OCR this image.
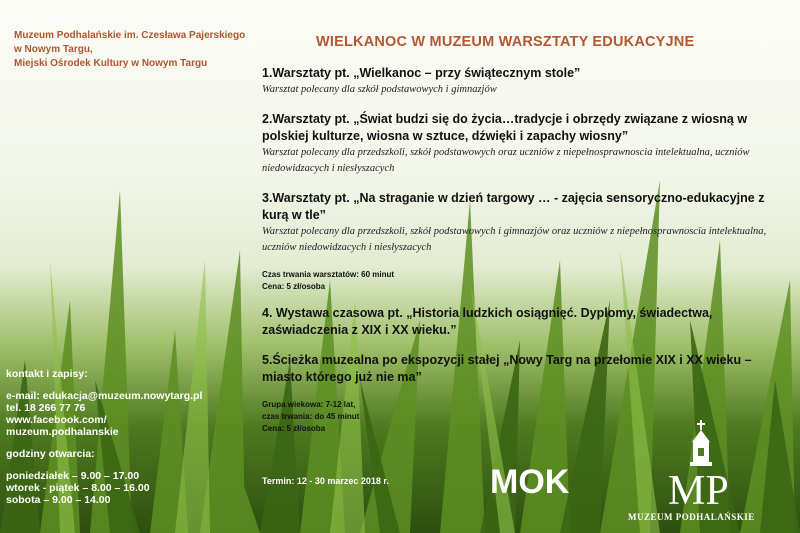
Muzeum Podhalańskie im. Czesława Pajerskiego
w Nowym Targu,
Miejski Ośrodek Kultury w Nowym Targu
WIELKANOC W MUZEUM WARSZTATY EDUKACYJNE
1.Warsztaty pt. „Wielkanoc – przy świątecznym stole”
Warsztat polecany dla szkół podstawowych i gimnazjów
2.Warsztaty pt. „Świat budzi się do życia…tradycje i obrzędy związane z wiosną w polskiej kulturze, wiosna w sztuce, dźwięki i zapachy wiosny”
Warsztat polecany dla przedszkoli, szkół podstawowych oraz uczniów z niepełnosprawnoscia intelektualna, uczniów niedowidzacych i niesłyszacych
3.Warsztaty pt. „Na straganie w dzień targowy … - zajęcia sensoryczno-edukacyjne z kurą w tle”
Warsztat polecany dla przedszkoli, szkół podstawowych i gimnazjów oraz uczniów z niepełnosprawnoscia intelektualna, uczniów niedowidzacych i niesłyszacych
Czas trwania warsztatów: 60 minut
Cena: 5 zł/osoba
4. Wystawa czasowa pt. „Historia ludzkich osiągnięć. Dyplomy, świadectwa, zaświadczenia z XIX i XX wieku.”
5.Ścieżka muzealna po ekspozycji stałej „Nowy Targ na przełomie XIX i XX wieku – miasto którego już nie ma”
Grupa wiekowa: 7-12 lat,
czas trwania: do 45 minut
Cena: 5 zł/osoba
Termin: 12 - 30 marzec 2018 r.
kontakt i zapisy:
e-mail: edukacja@muzeum.nowytarg.pl
tel. 18 266 77 76
www.facebook.com/
muzeum.podhalanskie
godziny otwarcia:
poniedziałek – 9.00 – 17.00
wtorek - piątek – 8.00 – 16.00
sobota – 9.00 – 14.00	MOK MP
MUZEUM PODHALAŃSKIE
